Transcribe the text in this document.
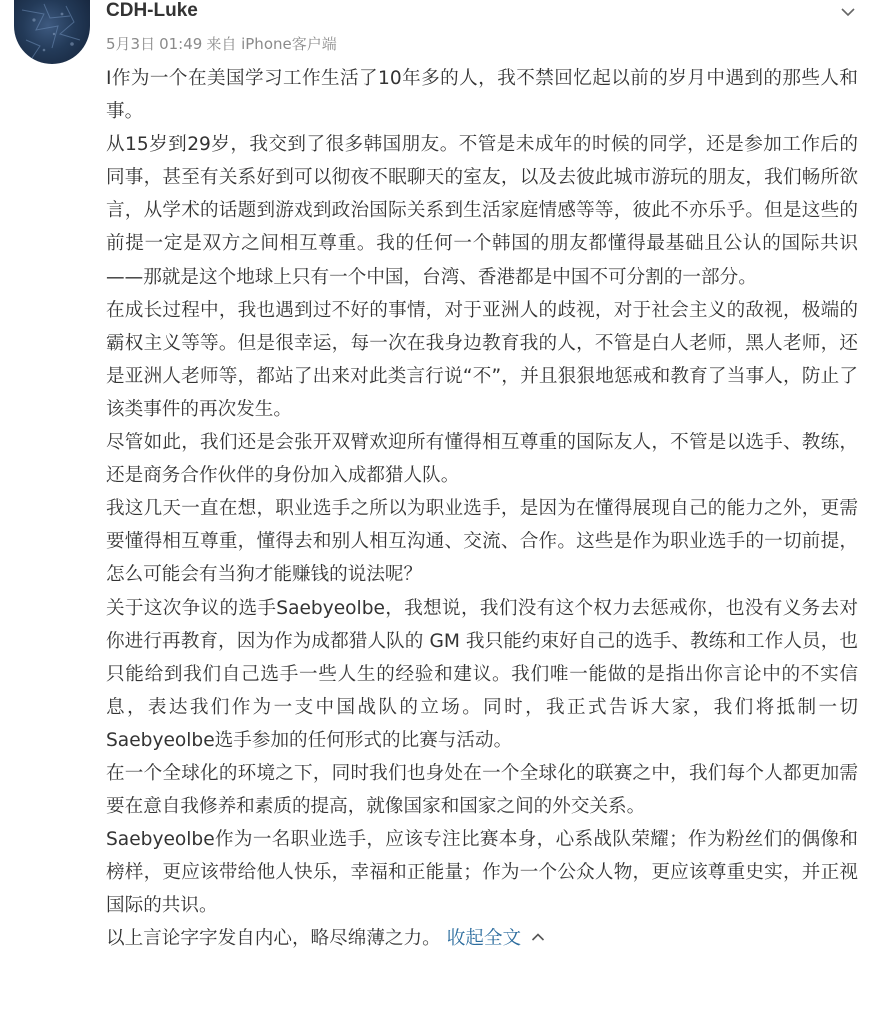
CDH-Luke
5月3日 01:49 来自 iPhone客户端

I作为一个在美国学习工作生活了10年多的人，我不禁回忆起以前的岁月中遇到的那些人和事。

从15岁到29岁，我交到了很多韩国朋友。不管是未成年的时候的同学，还是参加工作后的同事，甚至有关系好到可以彻夜不眠聊天的室友，以及去彼此城市游玩的朋友，我们畅所欲言，从学术的话题到游戏到政治国际关系到生活家庭情感等等，彼此不亦乐乎。但是这些的前提一定是双方之间相互尊重。我的任何一个韩国的朋友都懂得最基础且公认的国际共识——那就是这个地球上只有一个中国，台湾、香港都是中国不可分割的一部分。

在成长过程中，我也遇到过不好的事情，对于亚洲人的歧视，对于社会主义的敌视，极端的霸权主义等等。但是很幸运，每一次在我身边教育我的人，不管是白人老师，黑人老师，还是亚洲人老师等，都站了出来对此类言行说“不”，并且狠狠地惩戒和教育了当事人，防止了该类事件的再次发生。

尽管如此，我们还是会张开双臂欢迎所有懂得相互尊重的国际友人，不管是以选手、教练，还是商务合作伙伴的身份加入成都猎人队。

我这几天一直在想，职业选手之所以为职业选手，是因为在懂得展现自己的能力之外，更需要懂得相互尊重，懂得去和别人相互沟通、交流、合作。这些是作为职业选手的一切前提，怎么可能会有当狗才能赚钱的说法呢？

关于这次争议的选手Saebyeolbe，我想说，我们没有这个权力去惩戒你，也没有义务去对你进行再教育，因为作为成都猎人队的 GM 我只能约束好自己的选手、教练和工作人员，也只能给到我们自己选手一些人生的经验和建议。我们唯一能做的是指出你言论中的不实信息，表达我们作为一支中国战队的立场。同时，我正式告诉大家，我们将抵制一切Saebyeolbe选手参加的任何形式的比赛与活动。

在一个全球化的环境之下，同时我们也身处在一个全球化的联赛之中，我们每个人都更加需要在意自我修养和素质的提高，就像国家和国家之间的外交关系。

Saebyeolbe作为一名职业选手，应该专注比赛本身，心系战队荣耀；作为粉丝们的偶像和榜样，更应该带给他人快乐，幸福和正能量；作为一个公众人物，更应该尊重史实，并正视国际的共识。

以上言论字字发自内心，略尽绵薄之力。 收起全文
